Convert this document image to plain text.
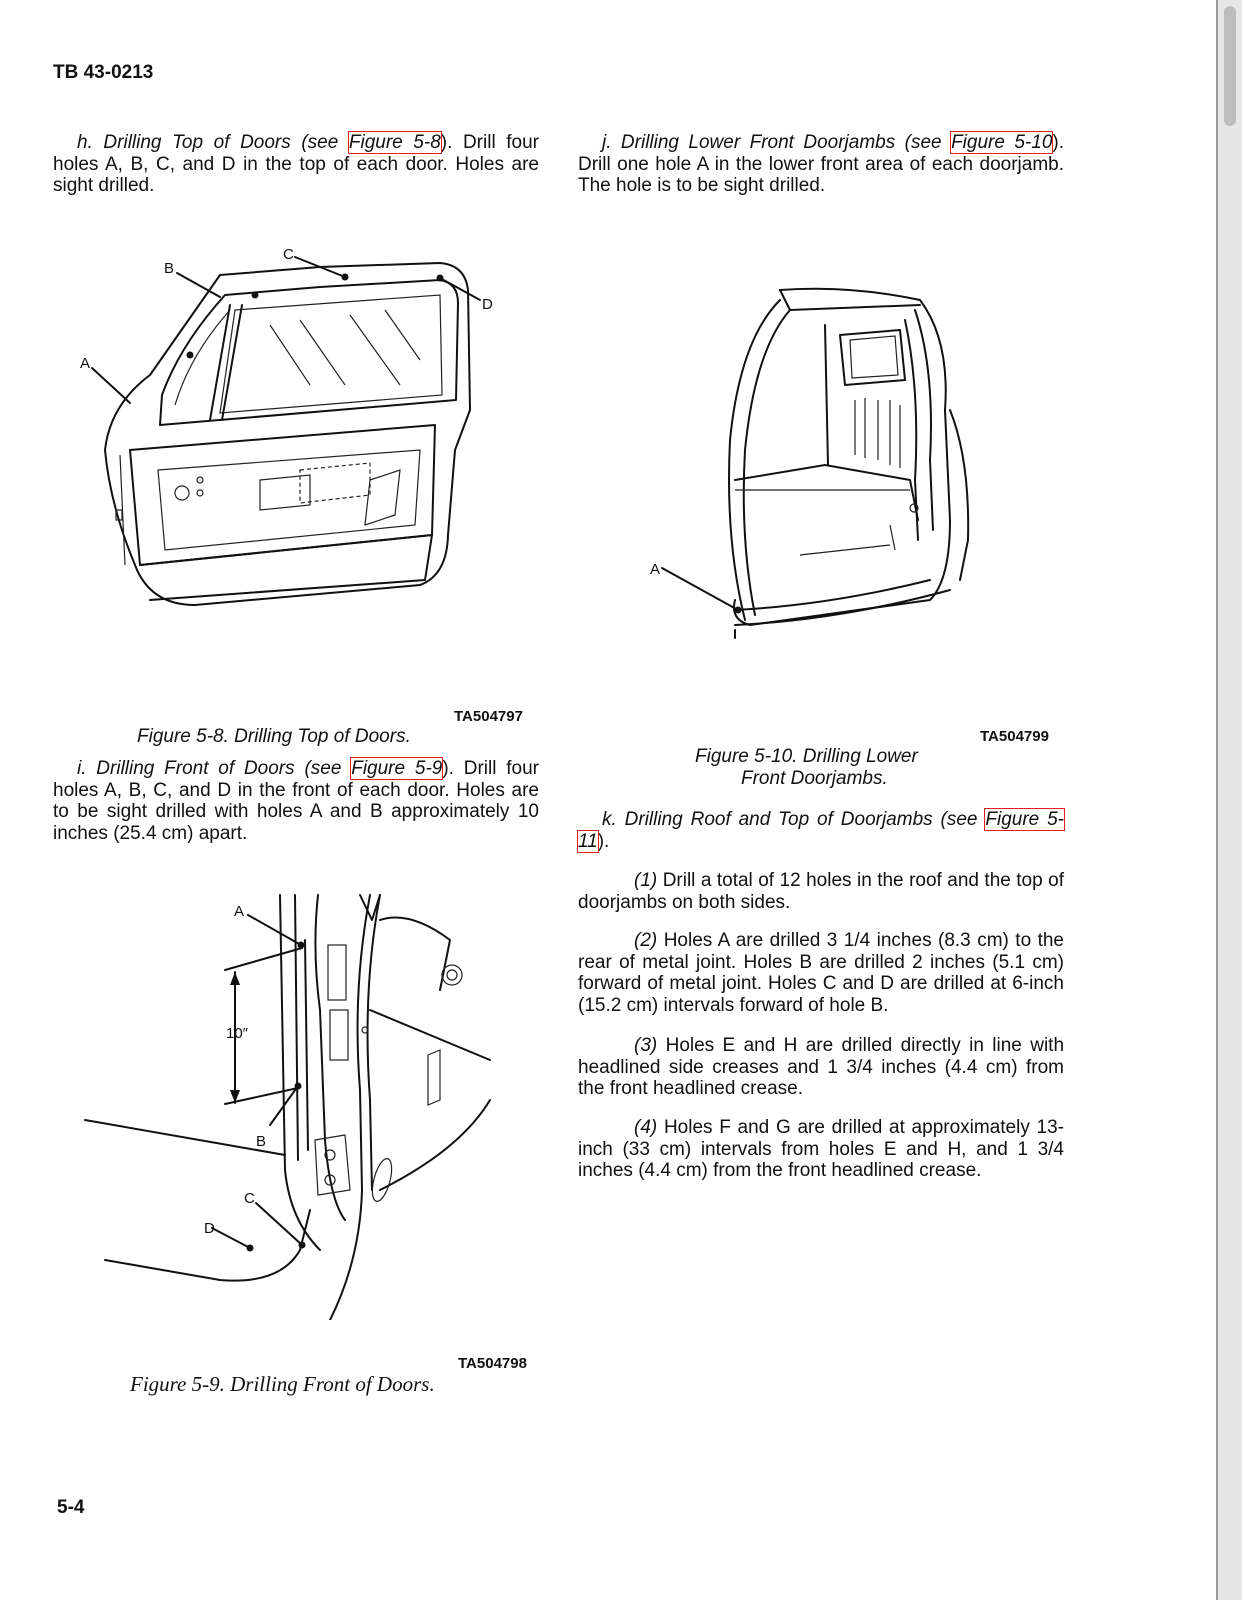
TB 43-0213

h. Drilling Top of Doors (see Figure 5-8). Drill four holes A, B, C, and D in the top of each door. Holes are sight drilled.

A
B
C
D
TA504797
Figure 5-8. Drilling Top of Doors.

i. Drilling Front of Doors (see Figure 5-9). Drill four holes A, B, C, and D in the front of each door. Holes are to be sight drilled with holes A and B approximately 10 inches (25.4 cm) apart.

10″
A
B
C
D
TA504798
Figure 5-9. Drilling Front of Doors.

j. Drilling Lower Front Doorjambs (see Figure 5-10). Drill one hole A in the lower front area of each doorjamb. The hole is to be sight drilled.

A
TA504799
Figure 5-10. Drilling Lower
Front Doorjambs.

k. Drilling Roof and Top of Doorjambs (see Figure 5-11).

(1) Drill a total of 12 holes in the roof and the top of doorjambs on both sides.

(2) Holes A are drilled 3 1/4 inches (8.3 cm) to the rear of metal joint. Holes B are drilled 2 inches (5.1 cm) forward of metal joint. Holes C and D are drilled at 6-inch (15.2 cm) intervals forward of hole B.

(3) Holes E and H are drilled directly in line with headlined side creases and 1 3/4 inches (4.4 cm) from the front headlined crease.

(4) Holes F and G are drilled at approximately 13-inch (33 cm) intervals from holes E and H, and 1 3/4 inches (4.4 cm) from the front headlined crease.

5-4
